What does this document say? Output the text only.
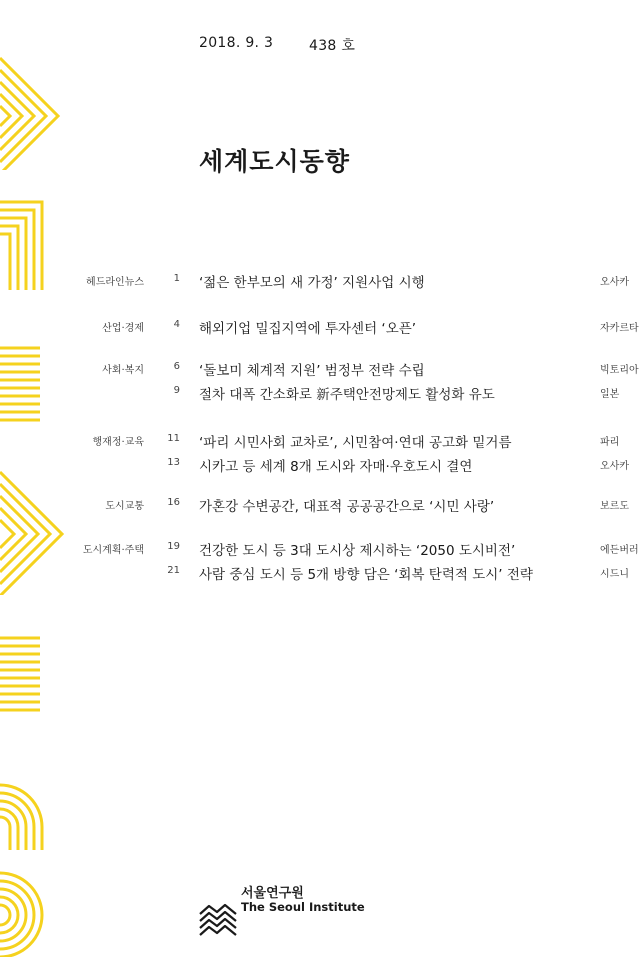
2018. 9. 3	438 호
세계도시동향
헤드라인뉴스	1 ‘젊은 한부모의 새 가정’ 지원사업 시행	오사카
산업·경제	4 해외기업 밀집지역에 투자센터 ‘오픈’	자카르타
사회·복지	6 ‘돌보미 체계적 지원’ 범정부 전략 수립	빅토리아
9 절차 대폭 간소화로 新주택안전망제도 활성화 유도	일본
행재정·교육	11 ‘파리 시민사회 교차로’, 시민참여·연대 공고화 밑거름	파리
13 시카고 등 세계 8개 도시와 자매·우호도시 결연	오사카
도시교통	16 가혼강 수변공간, 대표적 공공공간으로 ‘시민 사랑’	보르도
도시계획·주택	19 건강한 도시 등 3대 도시상 제시하는 ‘2050 도시비전’	에든버러
21 사람 중심 도시 등 5개 방향 담은 ‘회복 탄력적 도시’ 전략	시드니
서울연구원
The Seoul Institute
